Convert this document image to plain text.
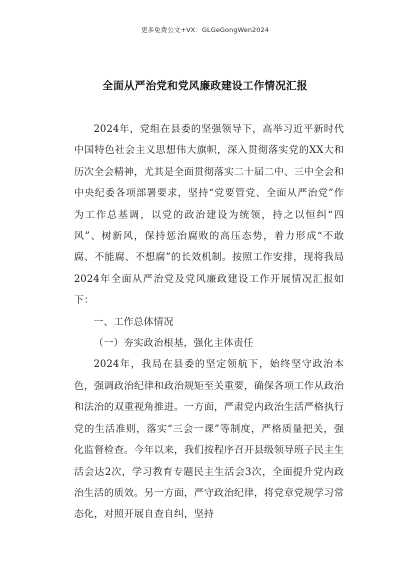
更多免费公文+VX：GLGeGongWen2024
全面从严治党和党风廉政建设工作情况汇报

2024年，党组在县委的坚强领导下，高举习近平新时代中国特色社会主义思想伟大旗帜，深入贯彻落实党的XX大和历次全会精神，尤其是全面贯彻落实二十届二中、三中全会和中央纪委各项部署要求，坚持“党要管党、全面从严治党”作为工作总基调，以党的政治建设为统领，持之以恒纠“四风”、树新风，保持惩治腐败的高压态势，着力形成“不敢腐、不能腐、不想腐”的长效机制。按照工作安排，现将我局2024年全面从严治党及党风廉政建设工作开展情况汇报如下：

一、工作总体情况

（一）夯实政治根基，强化主体责任

2024年，我局在县委的坚定领航下，始终坚守政治本色，强调政治纪律和政治规矩至关重要，确保各项工作从政治和法治的双重视角推进。一方面，严肃党内政治生活严格执行党的生活准则，落实“三会一课”等制度，严格质量把关，强化监督检查。今年以来，我们按程序召开县级领导班子民主生活会达2次，学习教育专题民主生活会3次，全面提升党内政治生活的质效。另一方面，严守政治纪律，将党章党规学习常态化，对照开展自查自纠，坚持
